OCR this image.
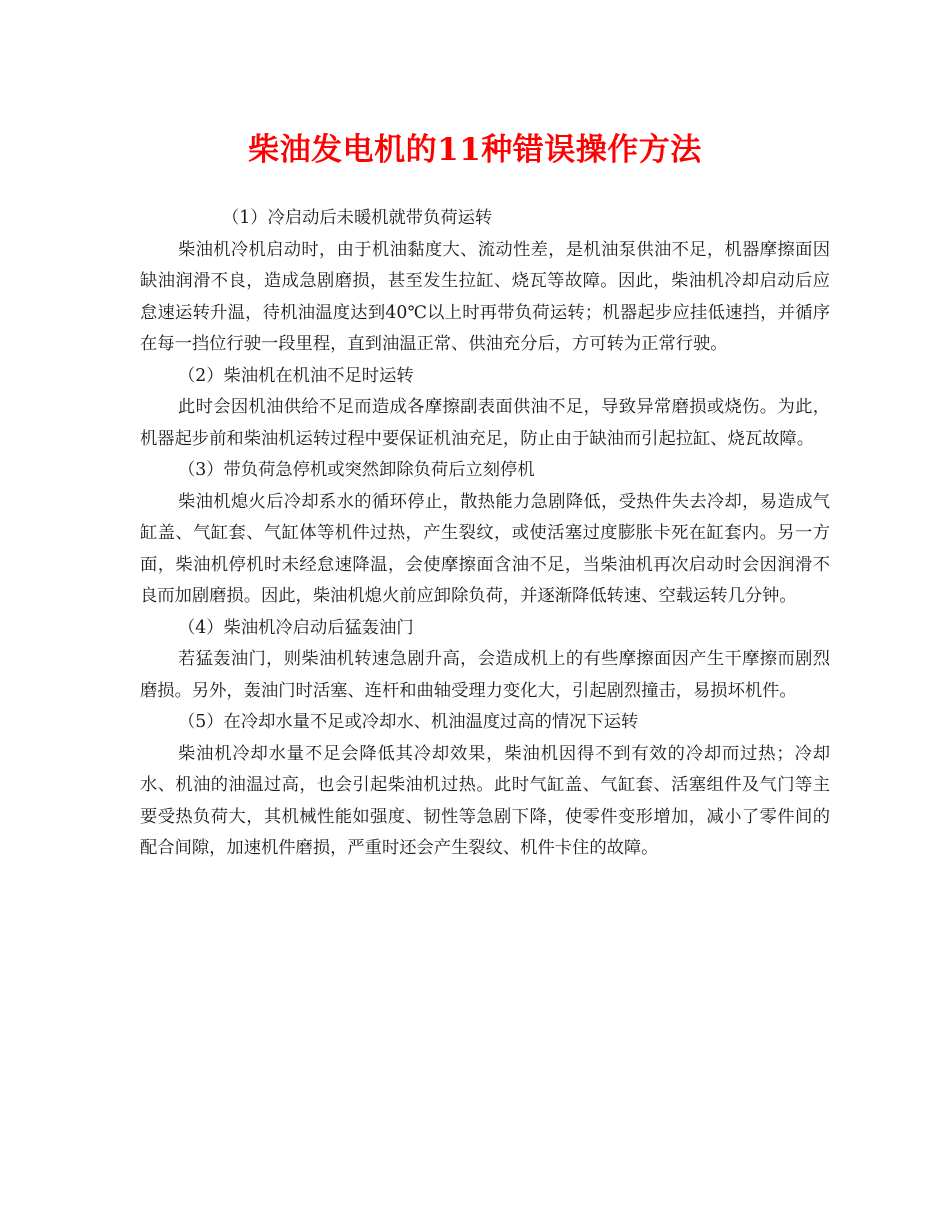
柴油发电机的11种错误操作方法

（1）冷启动后未暖机就带负荷运转

柴油机冷机启动时，由于机油黏度大、流动性差，是机油泵供油不足，机器摩擦面因缺油润滑不良，造成急剧磨损，甚至发生拉缸、烧瓦等故障。因此，柴油机冷却启动后应怠速运转升温，待机油温度达到40℃以上时再带负荷运转；机器起步应挂低速挡，并循序在每一挡位行驶一段里程，直到油温正常、供油充分后，方可转为正常行驶。

（2）柴油机在机油不足时运转

此时会因机油供给不足而造成各摩擦副表面供油不足，导致异常磨损或烧伤。为此，机器起步前和柴油机运转过程中要保证机油充足，防止由于缺油而引起拉缸、烧瓦故障。

（3）带负荷急停机或突然卸除负荷后立刻停机

柴油机熄火后冷却系水的循环停止，散热能力急剧降低，受热件失去冷却，易造成气缸盖、气缸套、气缸体等机件过热，产生裂纹，或使活塞过度膨胀卡死在缸套内。另一方面，柴油机停机时未经怠速降温，会使摩擦面含油不足，当柴油机再次启动时会因润滑不良而加剧磨损。因此，柴油机熄火前应卸除负荷，并逐渐降低转速、空载运转几分钟。

（4）柴油机冷启动后猛轰油门

若猛轰油门，则柴油机转速急剧升高，会造成机上的有些摩擦面因产生干摩擦而剧烈磨损。另外，轰油门时活塞、连杆和曲轴受理力变化大，引起剧烈撞击，易损坏机件。

（5）在冷却水量不足或冷却水、机油温度过高的情况下运转

柴油机冷却水量不足会降低其冷却效果，柴油机因得不到有效的冷却而过热；冷却水、机油的油温过高，也会引起柴油机过热。此时气缸盖、气缸套、活塞组件及气门等主要受热负荷大，其机械性能如强度、韧性等急剧下降，使零件变形增加，减小了零件间的配合间隙，加速机件磨损，严重时还会产生裂纹、机件卡住的故障。
